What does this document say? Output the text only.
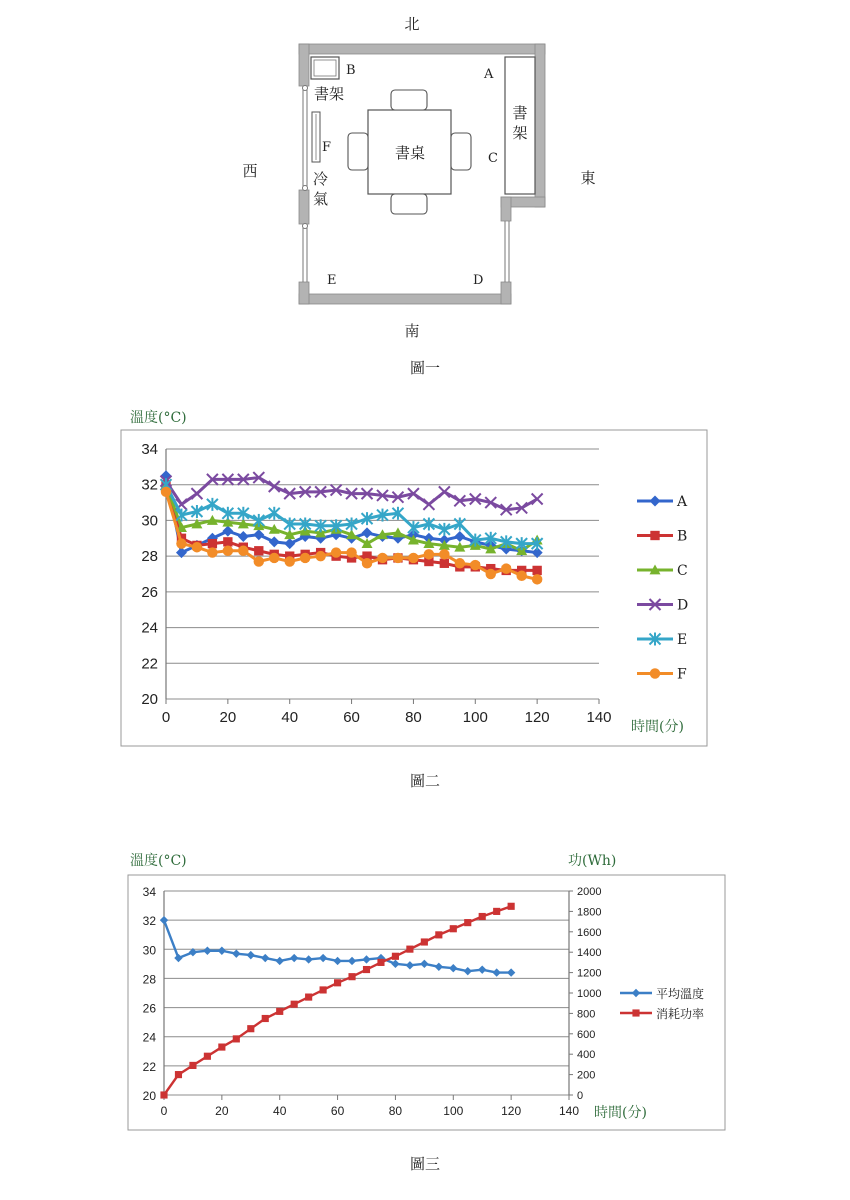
北
南
西	東
A
B
C
D
E
F
書架
書
架
書桌
冷
氣
圖一
溫度(°C)
20
22
24
26
28
30
32
34
0	20	40	60	80	100 120 140
A
B
C
D
E
F
時間(分)
圖二
溫度(°C)	功(Wh)
20
22
24
26
28
30
32
34
0	20	40	60	80	100	120	140
0
200
400
600
800
1000
1200
1400
1600
1800
2000
平均溫度
消耗功率
時間(分)
圖三
